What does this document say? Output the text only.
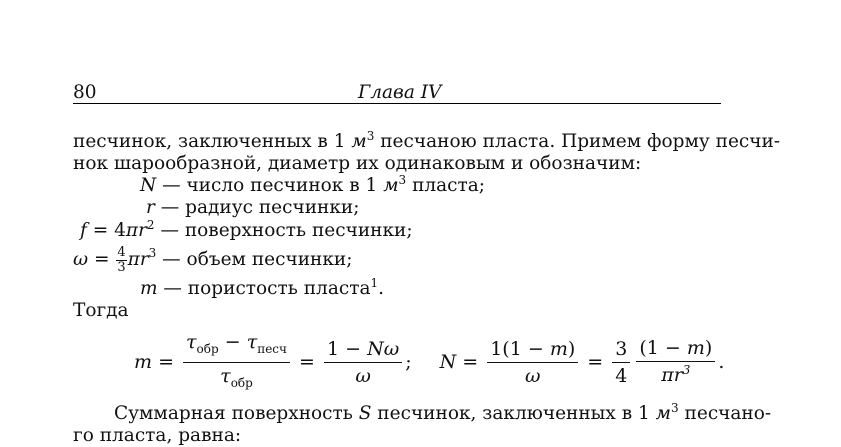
80	Глава IV
песчинок, заключенных в 1 $м^3$ песчаною пласта. Примем форму песчи-
нок шарообразной, диаметр их одинаковым и обозначим:
N — число песчинок в 1 $м^3$ пласта;
r — радиус песчинки;
$f = 4\pi r^2$ — поверхность песчинки;
$\omega = \frac{4}{3}$ π $r^3$ — объем песчинки;
m — пористость пласта$^1$.
Тогда
$m = \frac{\tau_{обр} - \tau_{песч}}{\tau_{обр}} = \frac{1 - N\omega}{\omega}$ ; $N = \frac{1(1 - m)}{\omega} = \frac{3}{4} \frac{(1 - m)}{\pi r^3}$ .
Суммарная поверхность S песчинок, заключенных в 1 $м^3$ песчано-
го пласта, равна:
